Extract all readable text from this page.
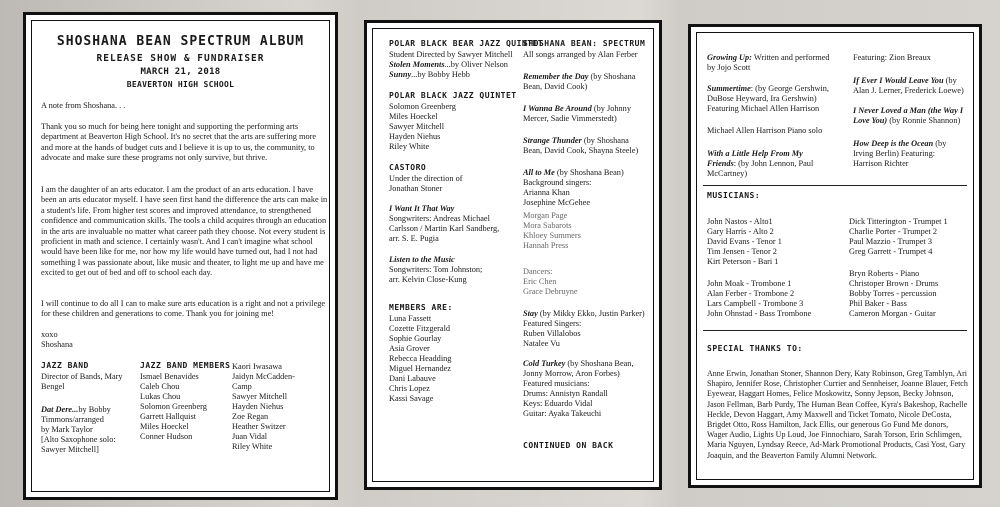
SHOSHANA BEAN SPECTRUM ALBUM
RELEASE SHOW & FUNDRAISER
MARCH 21, 2018
BEAVERTON HIGH SCHOOL
A note from Shoshana. . .
Thank you so much for being here tonight and supporting the performing arts department at Beaverton High School. It's no secret that the arts are suffering more and more at the hands of budget cuts and I believe it is up to us, the community, to advocate and make sure these programs not only survive, but thrive.
I am the daughter of an arts educator. I am the product of an arts education. I have been an arts educator myself. I have seen first hand the difference the arts can make in a student's life. From higher test scores and improved attendance, to strengthened confidence and communication skills. The tools a child acquires through an education in the arts are invaluable no matter what career path they choose. Not every student is proficient in math and science. I certainly wasn't. And I can't imagine what school would have been like for me, nor how my life would have turned out, had I not had something I was passionate about, like music and theater, to light me up and have me excited to get out of bed and off to school each day.
I will continue to do all I can to make sure arts education is a right and not a privilege for these children and generations to come. Thank you for joining me!
xoxo
Shoshana
JAZZ BAND
Director of Bands, Mary Bengel
Dat Dere...by Bobby
Timmons/arranged
by Mark Taylor
[Alto Saxophone solo:
Sawyer Mitchell]
JAZZ BAND MEMBERS
Ismael Benavides
Caleb Chou
Lukas Chou
Solomon Greenberg
Garrett Hallquist
Miles Hoeckel
Conner Hudson
Kaori Iwasawa
Jaidyn McCadden-
Camp
Sawyer Mitchell
Hayden Niehus
Zoe Regan
Heather Switzer
Juan Vidal
Riley White
POLAR BLACK BEAR JAZZ QUINTET
Student Directed by Sawyer Mitchell
Stolen Moments...by Oliver Nelson
Sunny...by Bobby Hebb
POLAR BLACK JAZZ QUINTET
Solomon Greenberg
Miles Hoeckel
Sawyer Mitchell
Hayden Niehus
Riley White
CASTORO
Under the direction of
Jonathan Stoner
I Want It That Way
Songwriters: Andreas Michael
Carlsson / Martin Karl Sandberg,
arr. S. E. Pugia
Listen to the Music
Songwriters: Tom Johnston;
arr. Kelvin Close-Kung
MEMBERS ARE:
Luna Fassett
Cozette Fitzgerald
Sophie Gourlay
Asia Grover
Rebecca Headding
Miguel Hernandez
Dani Labauve
Chris Lopez
Kassi Savage
SHOSHANA BEAN: SPECTRUM
All songs arranged by Alan Ferber
Remember the Day (by Shoshana
Bean, David Cook)
I Wanna Be Around (by Johnny
Mercer, Sadie Vimmerstedt)
Strange Thunder (by Shoshana
Bean, David Cook, Shayna Steele)
All to Me (by Shoshana Bean)
Background singers:
Arianna Khan
Josephine McGehee
Morgan Page
Mora Sabarots
Khloey Summers
Hannah Press
Dancers:
Eric Chen
Grace Debruyne
Stay (by Mikky Ekko, Justin Parker)
Featured Singers:
Ruben Villalobos
Natalee Vu
Cold Turkey (by Shoshana Bean,
Jonny Morrow, Aron Forbes)
Featured musicians:
Drums: Annistyn Randall
Keys: Eduardo Vidal
Guitar: Ayaka Takeuchi
CONTINUED ON BACK
Growing Up: Written and performed
by Jojo Scott
Summertime: (by George Gershwin,
DuBose Heyward, Ira Gershwin)
Featuring Michael Allen Harrison
Michael Allen Harrison Piano solo
With a Little Help From My
Friends: (by John Lennon, Paul
McCartney)
Featuring: Zion Breaux
If Ever I Would Leave You (by
Alan J. Lerner, Frederick Loewe)
I Never Loved a Man (the Way I
Love You) (by Ronnie Shannon)
How Deep is the Ocean (by
Irving Berlin) Featuring:
Harrison Richter
MUSICIANS:
John Nastos - Alto1
Gary Harris - Alto 2
David Evans - Tenor 1
Tim Jensen - Tenor 2
Kirt Peterson - Bari 1
John Moak - Trombone 1
Alan Ferber - Trombone 2
Lars Campbell - Trombone 3
John Ohnstad - Bass Trombone
Dick Titterington - Trumpet 1
Charlie Porter - Trumpet 2
Paul Mazzio - Trumpet 3
Greg Garrett - Trumpet 4
Bryn Roberts - Piano
Christoper Brown - Drums
Bobby Torres - percussion
Phil Baker - Bass
Cameron Morgan - Guitar
SPECIAL THANKS TO:
Anne Erwin, Jonathan Stoner, Shannon Dery, Katy Robinson, Greg Tamblyn, Ari Shapiro, Jennifer Rose, Christopher Currier and Sennheiser, Joanne Blauer, Fetch Eyewear, Haggart Homes, Felice Moskowitz, Sonny Jepson, Becky Johnson, Jason Fellman, Barb Purdy, The Human Bean Coffee, Kyra's Bakeshop, Rachelle Heckle, Devon Haggart, Amy Maxwell and Ticket Tomato, Nicole DeCosta, Brigdet Otto, Ross Hamilton, Jack Ellis, our generous Go Fund Me donors, Wager Audio, Lights Up Loud, Joe Finnochiaro, Sarah Torson, Erin Schlimgen, Maria Nguyen, Lyndsay Reece, Ad-Mark Promotional Products, Casi Yost, Gary Joaquin, and the Beaverton Family Alumni Network.
